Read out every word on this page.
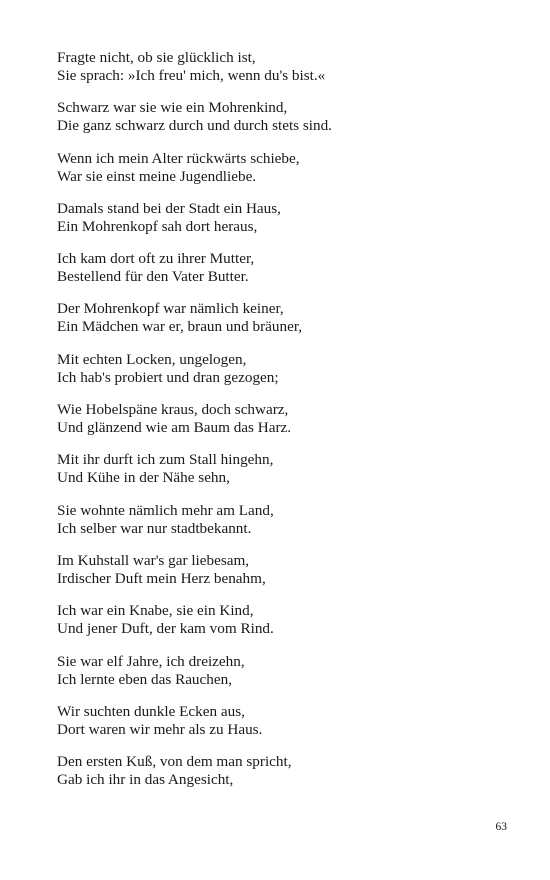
Fragte nicht, ob sie glücklich ist,
Sie sprach: »Ich freu' mich, wenn du's bist.«
Schwarz war sie wie ein Mohrenkind,
Die ganz schwarz durch und durch stets sind.
Wenn ich mein Alter rückwärts schiebe,
War sie einst meine Jugendliebe.
Damals stand bei der Stadt ein Haus,
Ein Mohrenkopf sah dort heraus,
Ich kam dort oft zu ihrer Mutter,
Bestellend für den Vater Butter.
Der Mohrenkopf war nämlich keiner,
Ein Mädchen war er, braun und bräuner,
Mit echten Locken, ungelogen,
Ich hab's probiert und dran gezogen;
Wie Hobelspäne kraus, doch schwarz,
Und glänzend wie am Baum das Harz.
Mit ihr durft ich zum Stall hingehn,
Und Kühe in der Nähe sehn,
Sie wohnte nämlich mehr am Land,
Ich selber war nur stadtbekannt.
Im Kuhstall war's gar liebesam,
Irdischer Duft mein Herz benahm,
Ich war ein Knabe, sie ein Kind,
Und jener Duft, der kam vom Rind.
Sie war elf Jahre, ich dreizehn,
Ich lernte eben das Rauchen,
Wir suchten dunkle Ecken aus,
Dort waren wir mehr als zu Haus.
Den ersten Kuß, von dem man spricht,
Gab ich ihr in das Angesicht,
63
